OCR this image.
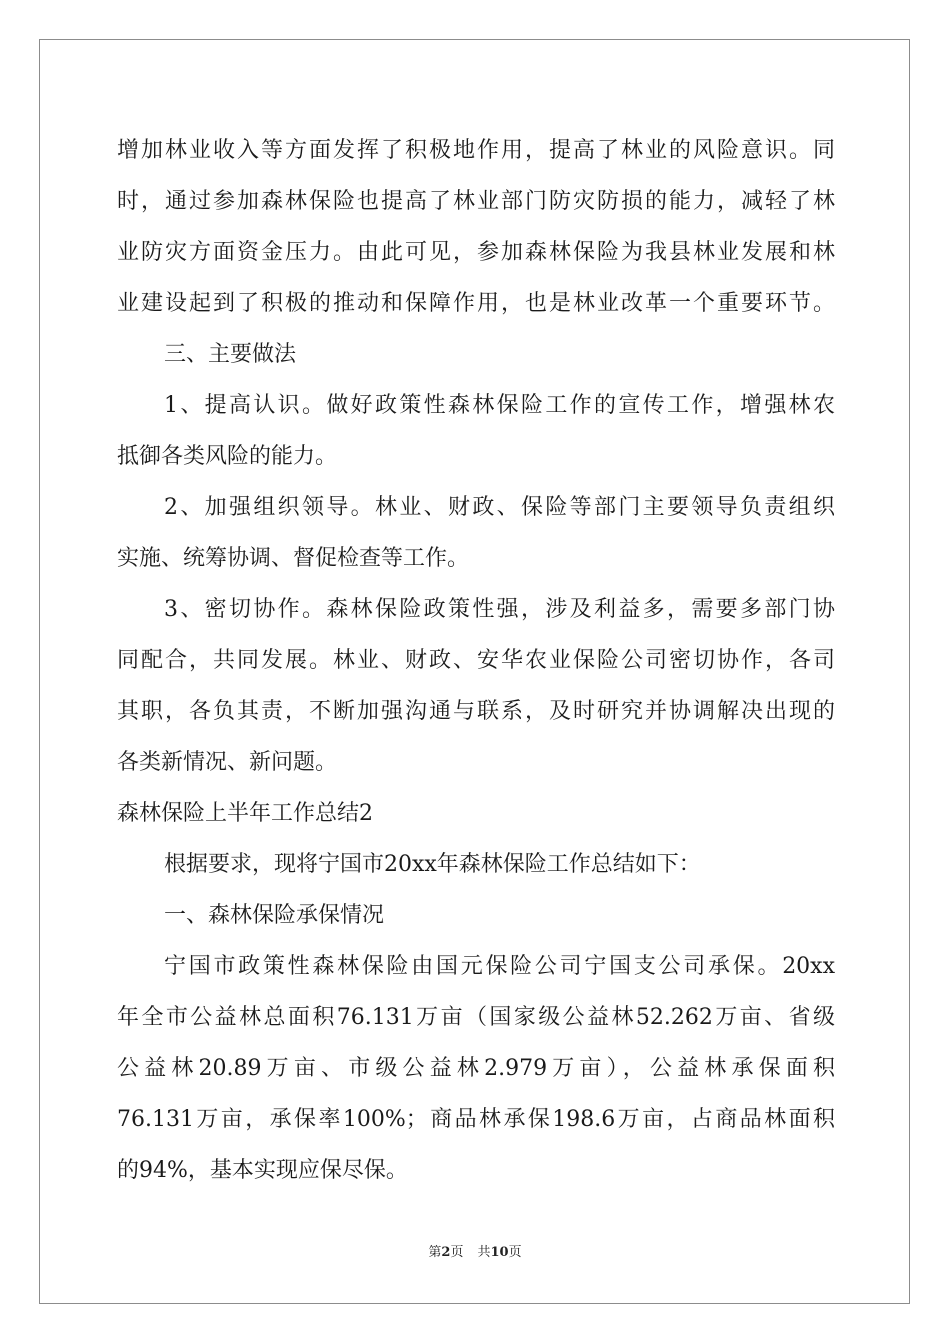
增加林业收入等方面发挥了积极地作用，提高了林业的风险意识。同
时，通过参加森林保险也提高了林业部门防灾防损的能力，减轻了林
业防灾方面资金压力。由此可见，参加森林保险为我县林业发展和林
业建设起到了积极的推动和保障作用，也是林业改革一个重要环节。
三、主要做法
1、提高认识。做好政策性森林保险工作的宣传工作，增强林农
抵御各类风险的能力。
2、加强组织领导。林业、财政、保险等部门主要领导负责组织
实施、统筹协调、督促检查等工作。
3、密切协作。森林保险政策性强，涉及利益多，需要多部门协
同配合，共同发展。林业、财政、安华农业保险公司密切协作，各司
其职，各负其责，不断加强沟通与联系，及时研究并协调解决出现的
各类新情况、新问题。
森林保险上半年工作总结2
根据要求，现将宁国市20xx年森林保险工作总结如下：
一、森林保险承保情况
宁国市政策性森林保险由国元保险公司宁国支公司承保。20xx
年全市公益林总面积76.131万亩（国家级公益林52.262万亩、省级
公益林20.89万亩、市级公益林2.979万亩），公益林承保面积
76.131万亩，承保率100%；商品林承保198.6万亩，占商品林面积
的94%，基本实现应保尽保。
第2页 共10页
